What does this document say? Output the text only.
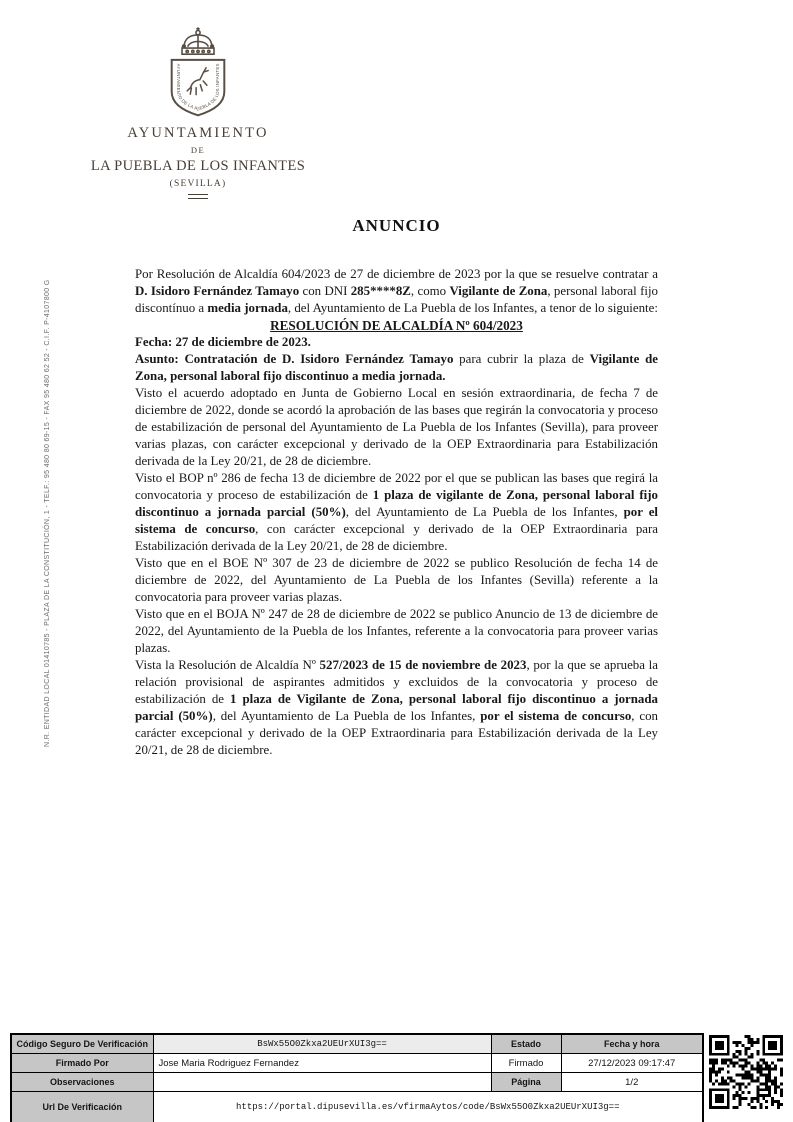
N.R. ENTIDAD LOCAL 01410785 - PLAZA DE LA CONSTITUCIÓN, 1 - TELF.: 95 480 80 69-15 - FAX 95 480 62 52 - C.I.F. P-4107800 G
AYUNTAMIENTO DE LA PUEBLA DE LOS INFANTES
AYUNTAMIENTO
DE
LA PUEBLA DE LOS INFANTES
(SEVILLA)
ANUNCIO

Por Resolución de Alcaldía 604/2023 de 27 de diciembre de 2023 por la que se resuelve contratar a D. Isidoro Fernández Tamayo con DNI 285****8Z, como Vigilante de Zona, personal laboral fijo discontínuo a media jornada, del Ayuntamiento de La Puebla de los Infantes, a tenor de lo siguiente:

RESOLUCIÓN DE ALCALDÍA Nº 604/2023

Fecha: 27 de diciembre de 2023.

Asunto: Contratación de D. Isidoro Fernández Tamayo para cubrir la plaza de Vigilante de Zona, personal laboral fijo discontinuo a media jornada.

Visto el acuerdo adoptado en Junta de Gobierno Local en sesión extraordinaria, de fecha 7 de diciembre de 2022, donde se acordó la aprobación de las bases que regirán la convocatoria y proceso de estabilización de personal del Ayuntamiento de La Puebla de los Infantes (Sevilla), para proveer varias plazas, con carácter excepcional y derivado de la OEP Extraordinaria para Estabilización derivada de la Ley 20/21, de 28 de diciembre.

Visto el BOP nº 286 de fecha 13 de diciembre de 2022 por el que se publican las bases que regirá la convocatoria y proceso de estabilización de 1 plaza de vigilante de Zona, personal laboral fijo discontinuo a jornada parcial (50%), del Ayuntamiento de La Puebla de los Infantes, por el sistema de concurso, con carácter excepcional y derivado de la OEP Extraordinaria para Estabilización derivada de la Ley 20/21, de 28 de diciembre.

Visto que en el BOE Nº 307 de 23 de diciembre de 2022 se publico Resolución de fecha 14 de diciembre de 2022, del Ayuntamiento de La Puebla de los Infantes (Sevilla) referente a la convocatoria para proveer varias plazas.

Visto que en el BOJA Nº 247 de 28 de diciembre de 2022 se publico Anuncio de 13 de diciembre de 2022, del Ayuntamiento de la Puebla de los Infantes, referente a la convocatoria para proveer varias plazas.

Vista la Resolución de Alcaldía Nº 527/2023 de 15 de noviembre de 2023, por la que se aprueba la relación provisional de aspirantes admitidos y excluidos de la convocatoria y proceso de estabilización de 1 plaza de Vigilante de Zona, personal laboral fijo discontinuo a jornada parcial (50%), del Ayuntamiento de La Puebla de los Infantes, por el sistema de concurso, con carácter excepcional y derivado de la OEP Extraordinaria para Estabilización derivada de la Ley 20/21, de 28 de diciembre.

Código Seguro De Verificación	BsWx55O0Zkxa2UEUrXUI3g==	Estado	Fecha y hora
Firmado Por	Jose Maria Rodriguez Fernandez	Firmado	27/12/2023 09:17:47
Observaciones		Página	1/2
Url De Verificación	https://portal.dipusevilla.es/vfirmaAytos/code/BsWx55O0Zkxa2UEUrXUI3g==		
